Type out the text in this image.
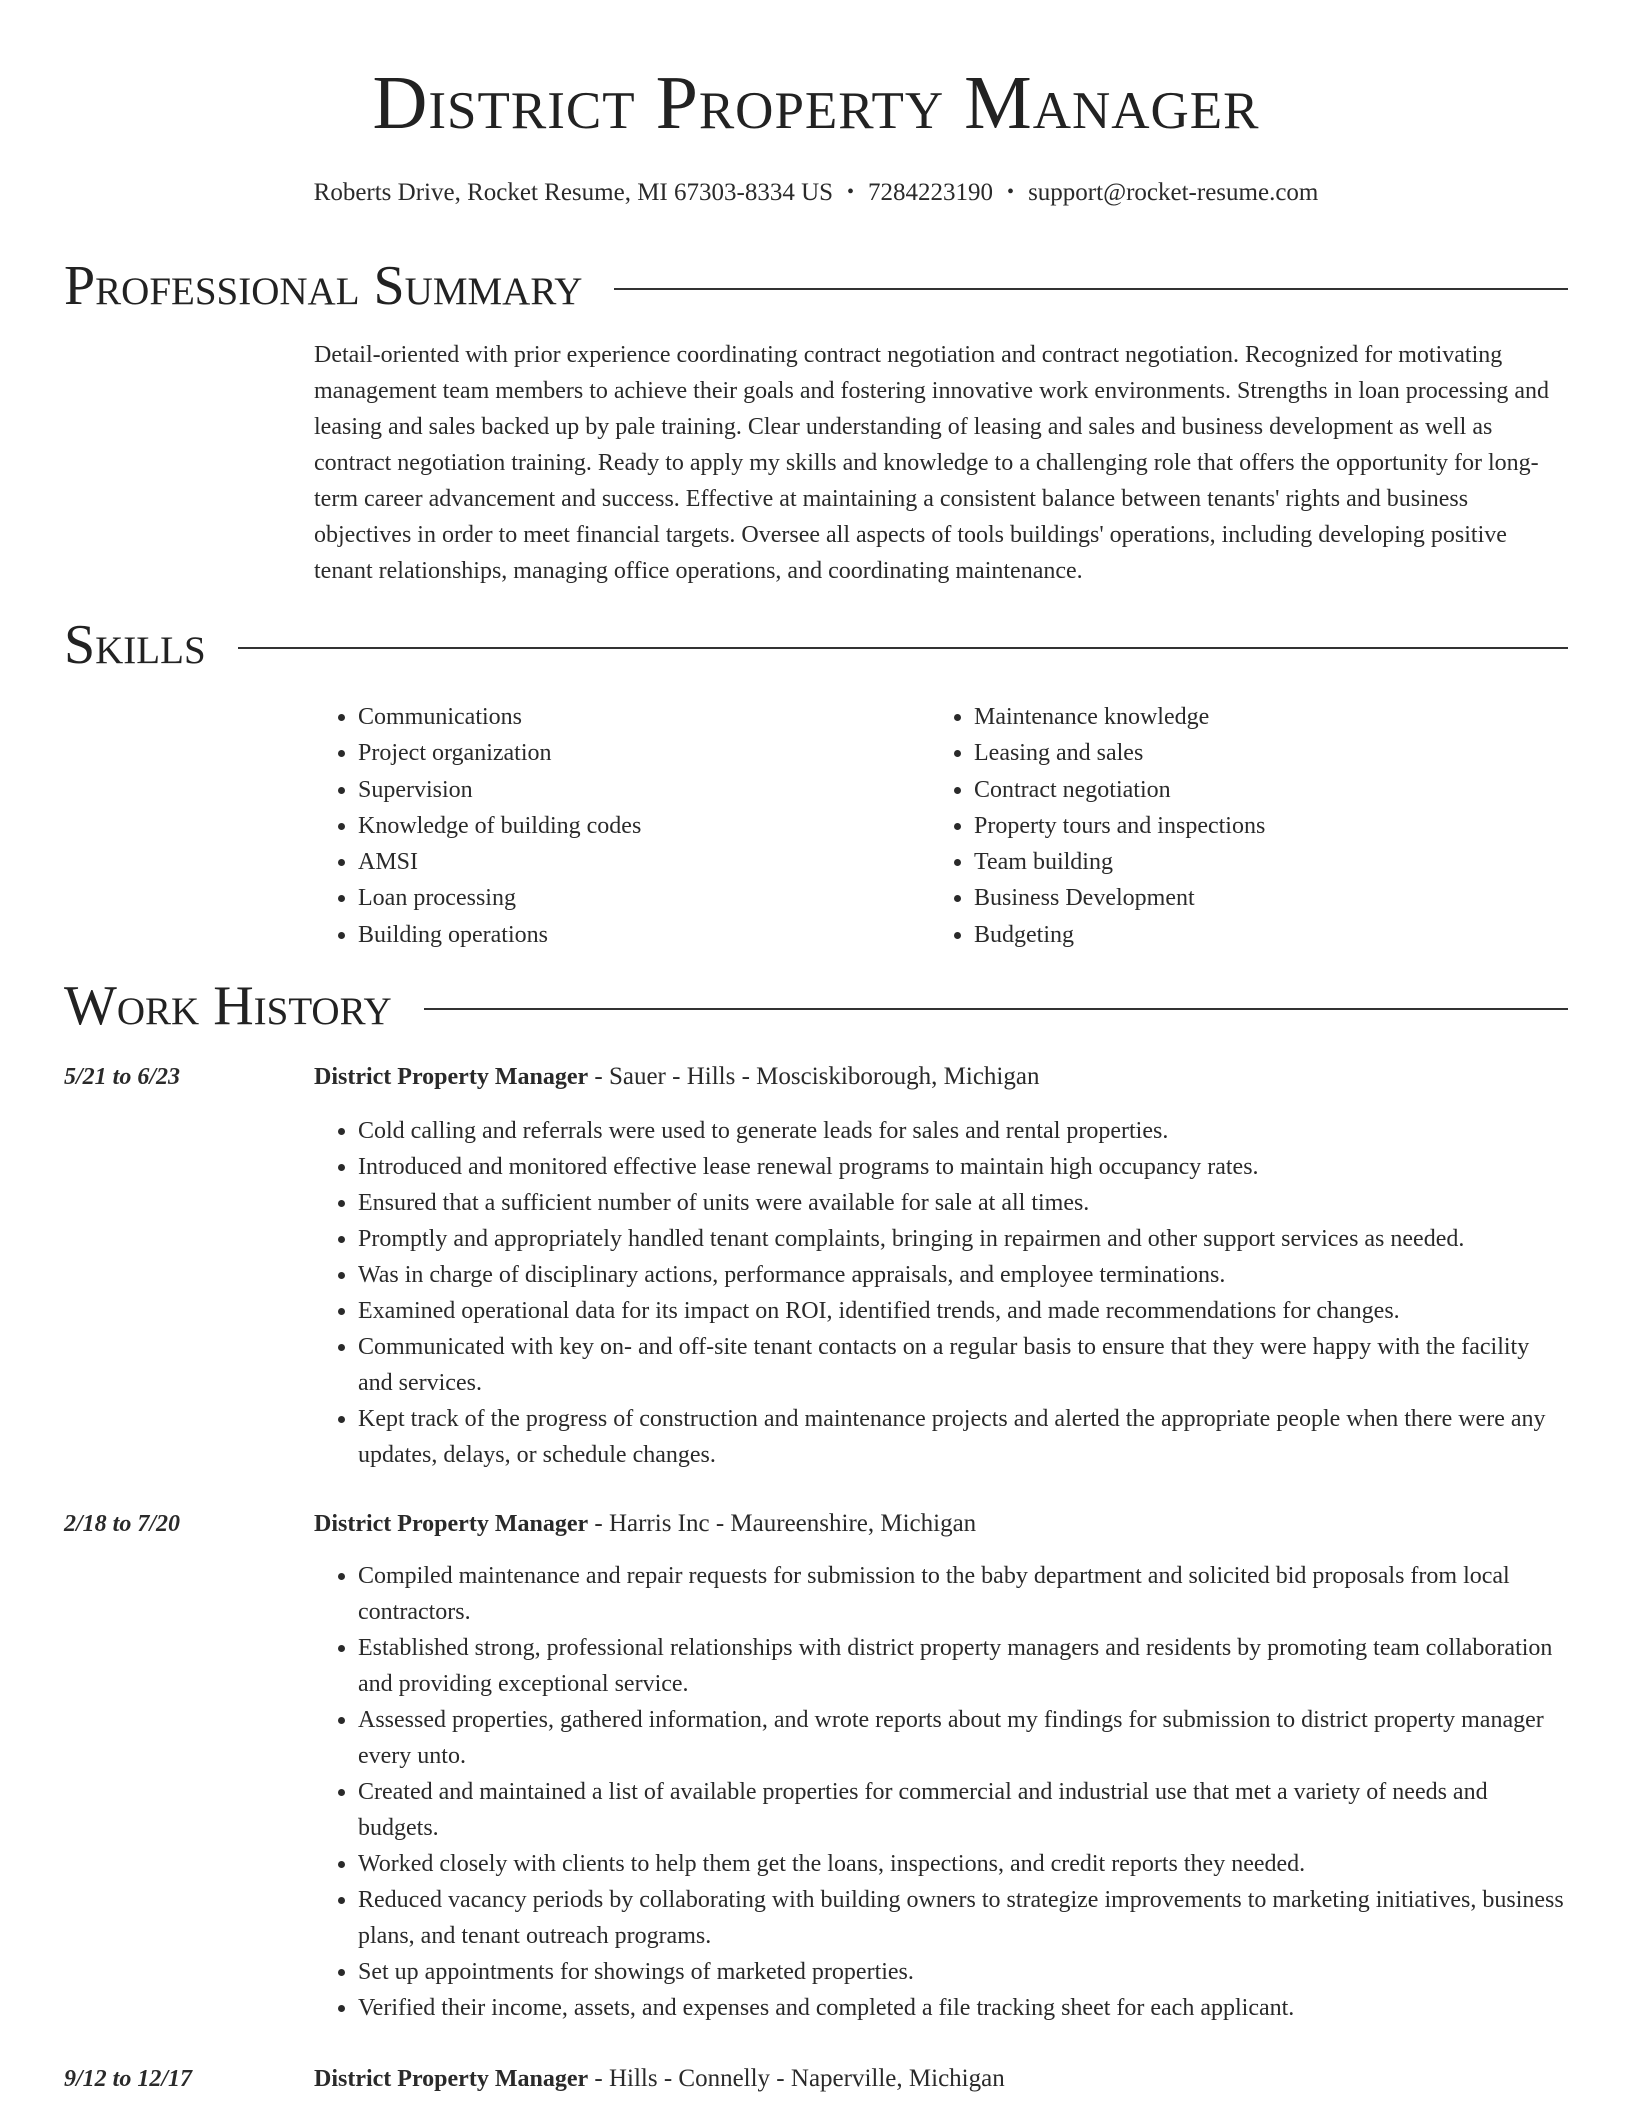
District Property Manager
Roberts Drive, Rocket Resume, MI 67303-8334 US • 7284223190 • support@rocket-resume.com
Professional Summary

Detail-oriented with prior experience coordinating contract negotiation and contract negotiation. Recognized for motivating management team members to achieve their goals and fostering innovative work environments. Strengths in loan processing and leasing and sales backed up by pale training. Clear understanding of leasing and sales and business development as well as contract negotiation training. Ready to apply my skills and knowledge to a challenging role that offers the opportunity for long-term career advancement and success. Effective at maintaining a consistent balance between tenants' rights and business objectives in order to meet financial targets. Oversee all aspects of tools buildings' operations, including developing positive tenant relationships, managing office operations, and coordinating maintenance.

Skills
• Communications
• Project organization
• Supervision
• Knowledge of building codes
• AMSI
• Loan processing
• Building operations
• Maintenance knowledge
• Leasing and sales
• Contract negotiation
• Property tours and inspections
• Team building
• Business Development
• Budgeting
Work History
5/21 to 6/23	District Property Manager - Sauer - Hills - Mosciskiborough, Michigan
• Cold calling and referrals were used to generate leads for sales and rental properties.
• Introduced and monitored effective lease renewal programs to maintain high occupancy rates.
• Ensured that a sufficient number of units were available for sale at all times.
• Promptly and appropriately handled tenant complaints, bringing in repairmen and other support services as needed.
• Was in charge of disciplinary actions, performance appraisals, and employee terminations.
• Examined operational data for its impact on ROI, identified trends, and made recommendations for changes.
• Communicated with key on- and off-site tenant contacts on a regular basis to ensure that they were happy with the facility and services.
• Kept track of the progress of construction and maintenance projects and alerted the appropriate people when there were any updates, delays, or schedule changes.
2/18 to 7/20	District Property Manager - Harris Inc - Maureenshire, Michigan
• Compiled maintenance and repair requests for submission to the baby department and solicited bid proposals from local contractors.
• Established strong, professional relationships with district property managers and residents by promoting team collaboration and providing exceptional service.
• Assessed properties, gathered information, and wrote reports about my findings for submission to district property manager every unto.
• Created and maintained a list of available properties for commercial and industrial use that met a variety of needs and budgets.
• Worked closely with clients to help them get the loans, inspections, and credit reports they needed.
• Reduced vacancy periods by collaborating with building owners to strategize improvements to marketing initiatives, business plans, and tenant outreach programs.
• Set up appointments for showings of marketed properties.
• Verified their income, assets, and expenses and completed a file tracking sheet for each applicant.
9/12 to 12/17	District Property Manager - Hills - Connelly - Naperville, Michigan
